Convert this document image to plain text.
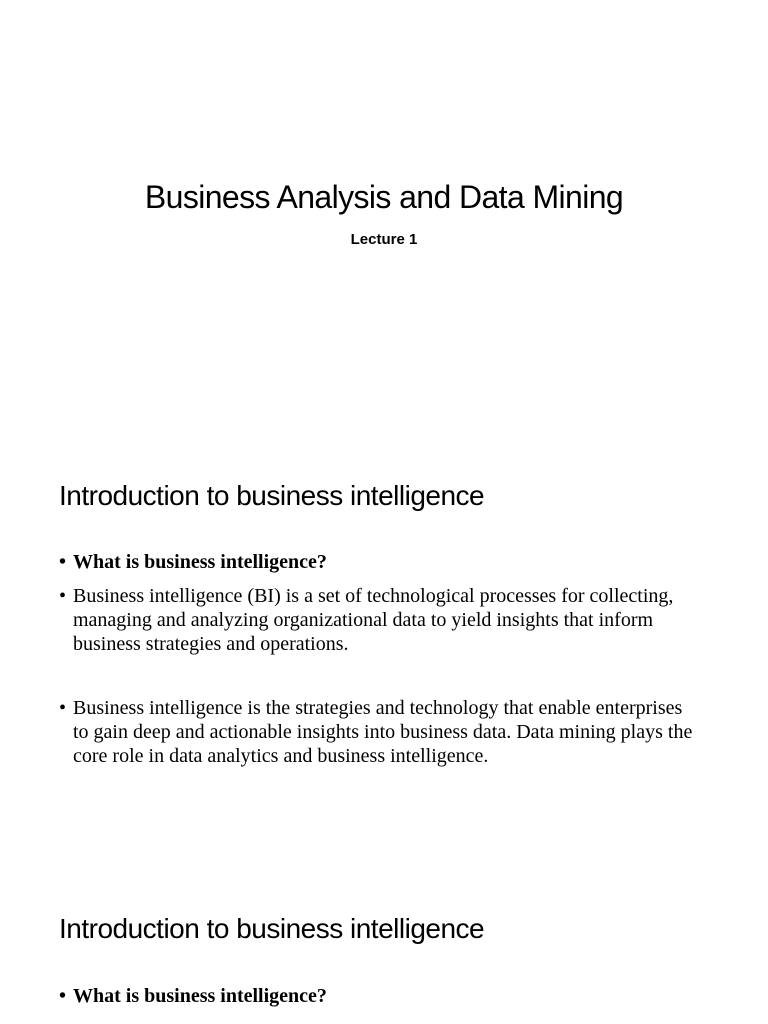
Business Analysis and Data Mining
Lecture 1
Introduction to business intelligence
• What is business intelligence?
• Business intelligence (BI) is a set of technological processes for collecting, managing and analyzing organizational data to yield insights that inform business strategies and operations.
• Business intelligence is the strategies and technology that enable enterprises to gain deep and actionable insights into business data. Data mining plays the core role in data analytics and business intelligence.
Introduction to business intelligence
• What is business intelligence?
